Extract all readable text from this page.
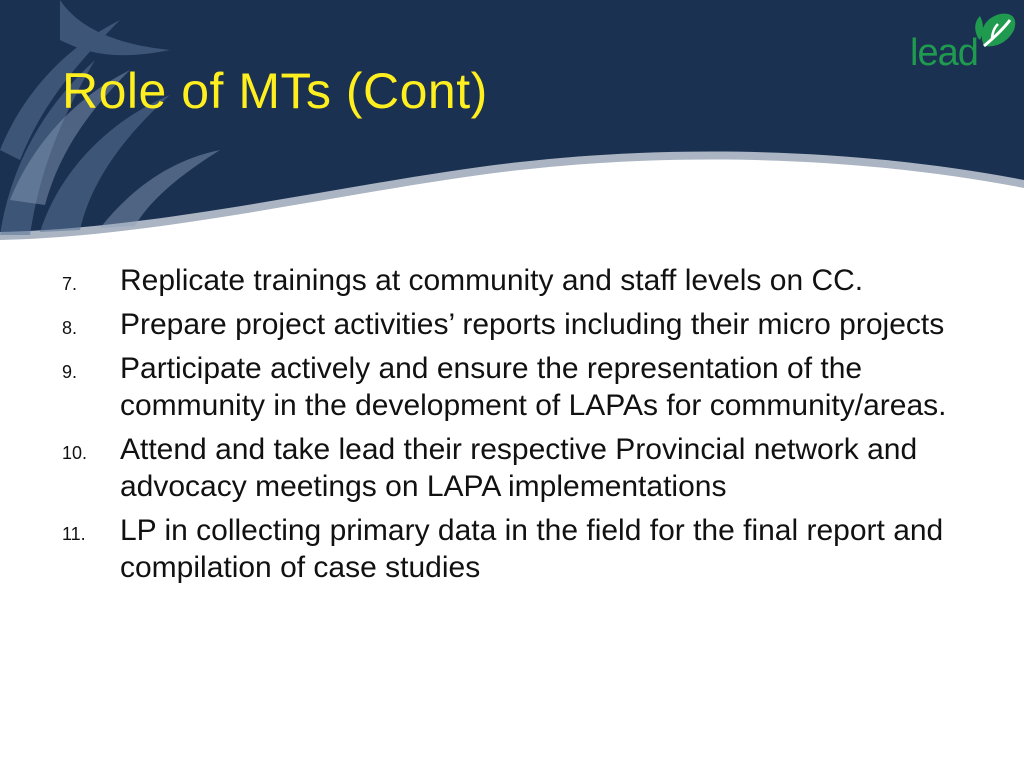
Role of MTs (Cont)
lead
7. Replicate trainings at community and staff levels on CC.
8. Prepare project activities’ reports including their micro projects
9. Participate actively and ensure the representation of the community in the development of LAPAs for community/areas.
10. Attend and take lead their respective Provincial network and advocacy meetings on LAPA implementations
11. LP in collecting primary data in the field for the final report and compilation of case studies
